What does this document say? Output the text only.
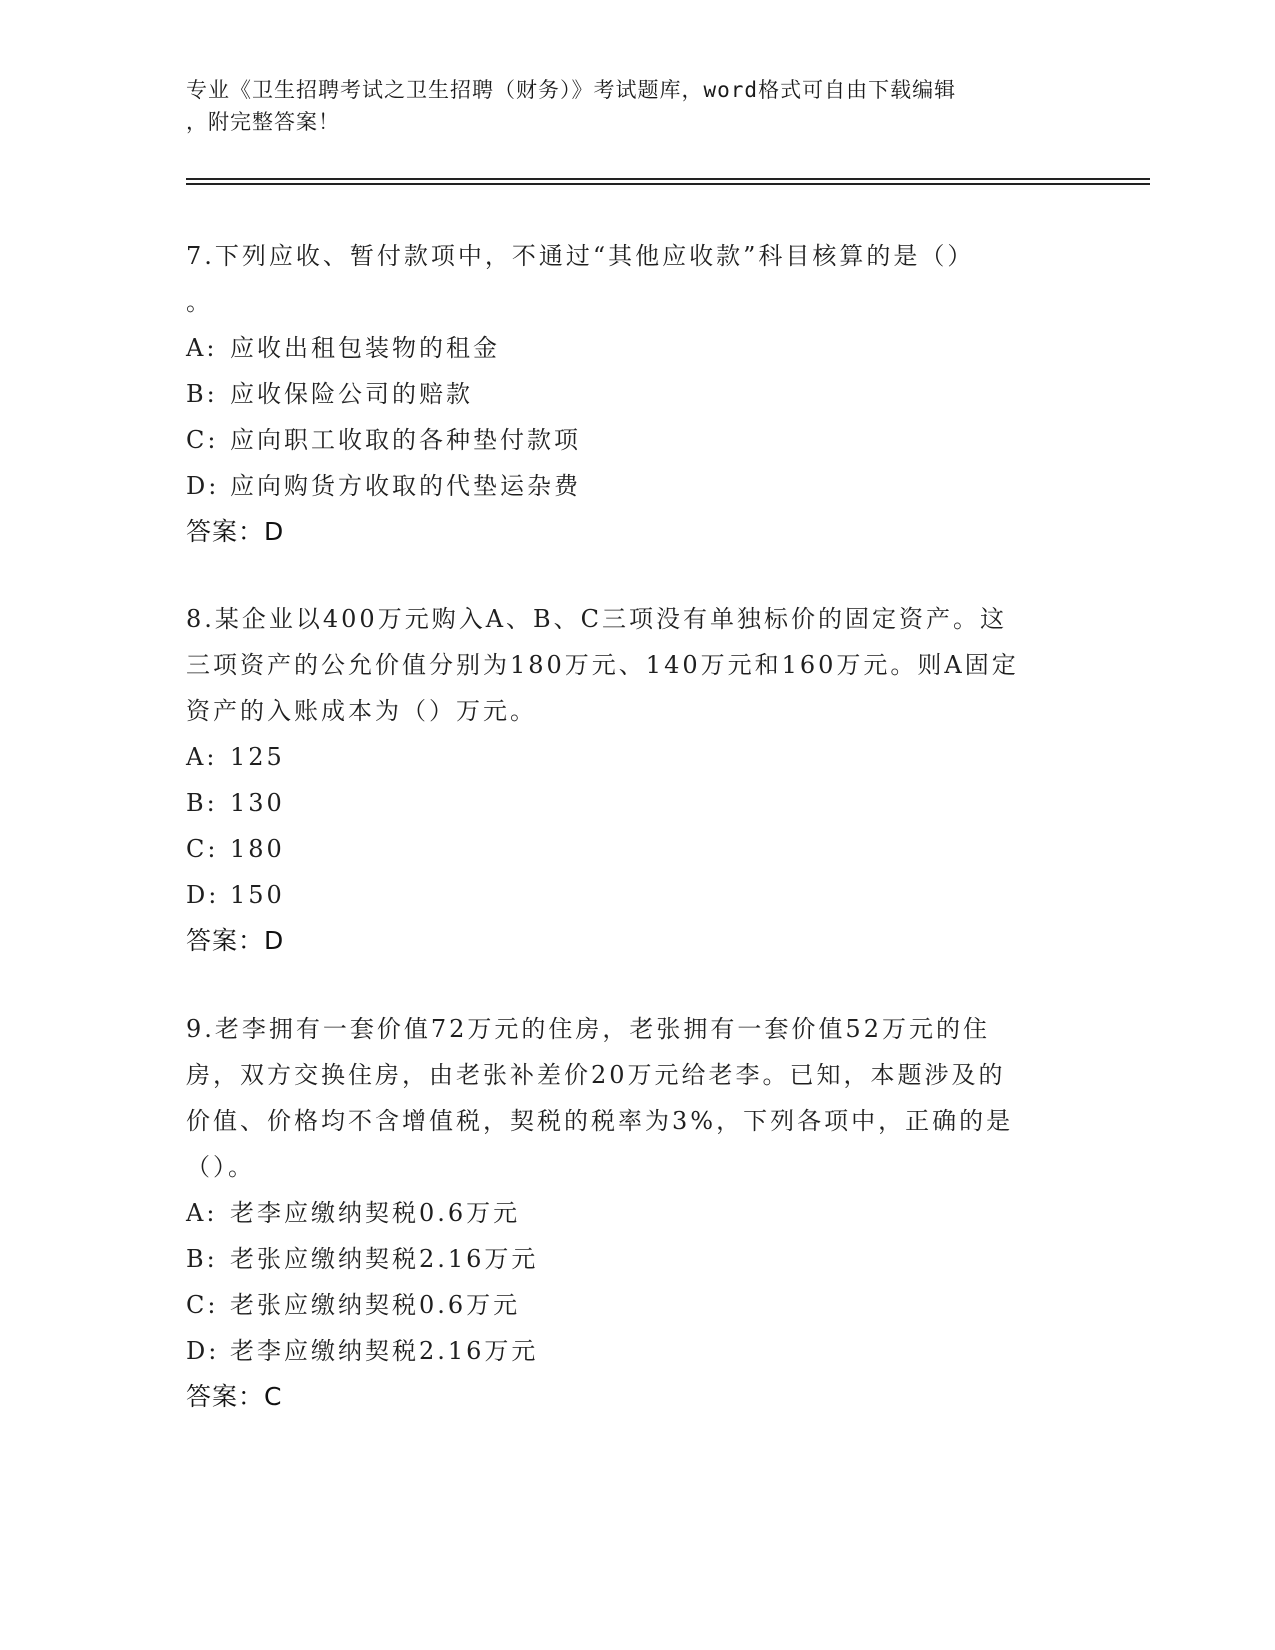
专业《卫生招聘考试之卫生招聘（财务）》考试题库，word格式可自由下载编辑
，附完整答案！
7.下列应收、暂付款项中，不通过“其他应收款”科目核算的是（）
。
A: 应收出租包装物的租金
B: 应收保险公司的赔款
C: 应向职工收取的各种垫付款项
D: 应向购货方收取的代垫运杂费
答案：D
8.某企业以400万元购入A、B、C三项没有单独标价的固定资产。这
三项资产的公允价值分别为180万元、140万元和160万元。则A固定
资产的入账成本为（）万元。
A: 125
B: 130
C: 180
D: 150
答案：D
9.老李拥有一套价值72万元的住房，老张拥有一套价值52万元的住
房，双方交换住房，由老张补差价20万元给老李。已知，本题涉及的
价值、价格均不含增值税，契税的税率为3%，下列各项中，正确的是
（）。
A: 老李应缴纳契税0.6万元
B: 老张应缴纳契税2.16万元
C: 老张应缴纳契税0.6万元
D: 老李应缴纳契税2.16万元
答案：C
